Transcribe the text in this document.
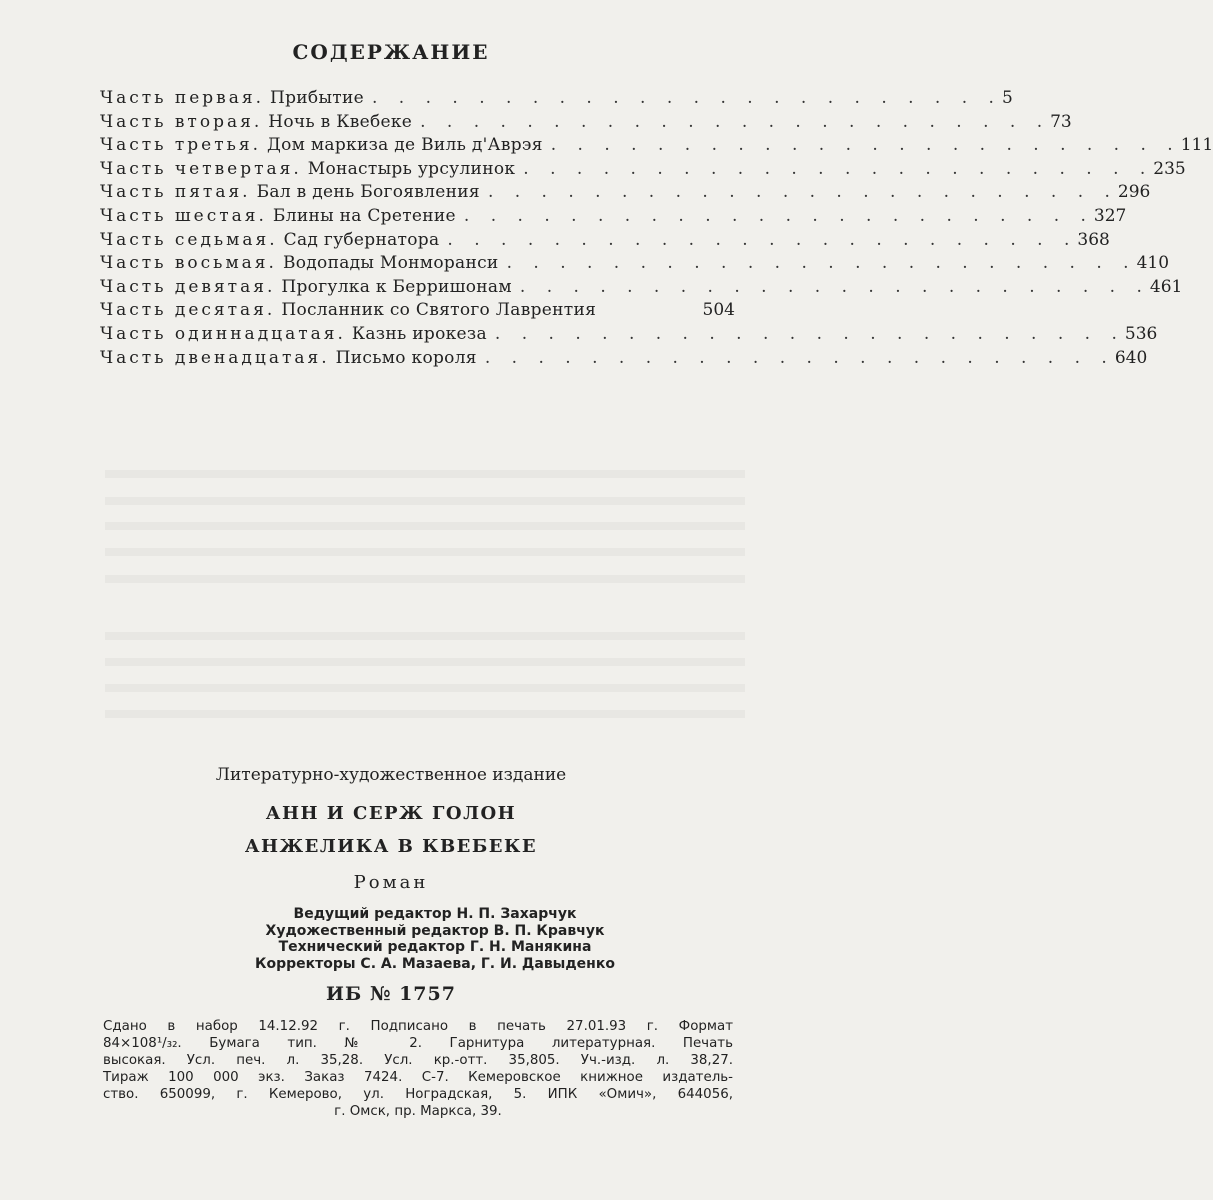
СОДЕРЖАНИЕ
Часть первая. Прибытие . . . . . . . . . . . . . . . . . . . . . . . . 5
Часть вторая. Ночь в Квебеке . . . . . . . . . . . . . . . . . . . . . . . . 73
Часть третья. Дом маркиза де Виль д'Аврэя . . . . . . . . . . . . . . . . . . . . . . . . 111
Часть четвертая. Монастырь урсулинок . . . . . . . . . . . . . . . . . . . . . . . . 235
Часть пятая. Бал в день Богоявления . . . . . . . . . . . . . . . . . . . . . . . . 296
Часть шестая. Блины на Сретение . . . . . . . . . . . . . . . . . . . . . . . . 327
Часть седьмая. Сад губернатора . . . . . . . . . . . . . . . . . . . . . . . . 368
Часть восьмая. Водопады Монморанси . . . . . . . . . . . . . . . . . . . . . . . . 410
Часть девятая. Прогулка к Берришонам . . . . . . . . . . . . . . . . . . . . . . . . 461
Часть десятая. Посланник со Святого Лаврентия	504
Часть одиннадцатая. Казнь ирокеза . . . . . . . . . . . . . . . . . . . . . . . . 536
Часть двенадцатая. Письмо короля . . . . . . . . . . . . . . . . . . . . . . . . 640
Литературно-художественное издание
АНН И СЕРЖ ГОЛОН
АНЖЕЛИКА В КВЕБЕКЕ
Роман
Ведущий редактор Н. П. Захарчук
Художественный редактор В. П. Кравчук
Технический редактор Г. Н. Манякина
Корректоры С. А. Мазаева, Г. И. Давыденко
ИБ № 1757
Сдано в набор 14.12.92 г. Подписано в печать 27.01.93 г. Формат
84×108¹/₃₂. Бумага тип. № 2. Гарнитура литературная. Печать
высокая. Усл. печ. л. 35,28. Усл. кр.-отт. 35,805. Уч.-изд. л. 38,27.
Тираж 100 000 экз. Заказ 7424. С-7. Кемеровское книжное издатель-
ство. 650099, г. Кемерово, ул. Ноградская, 5. ИПК «Омич», 644056,
г. Омск, пр. Маркса, 39.
